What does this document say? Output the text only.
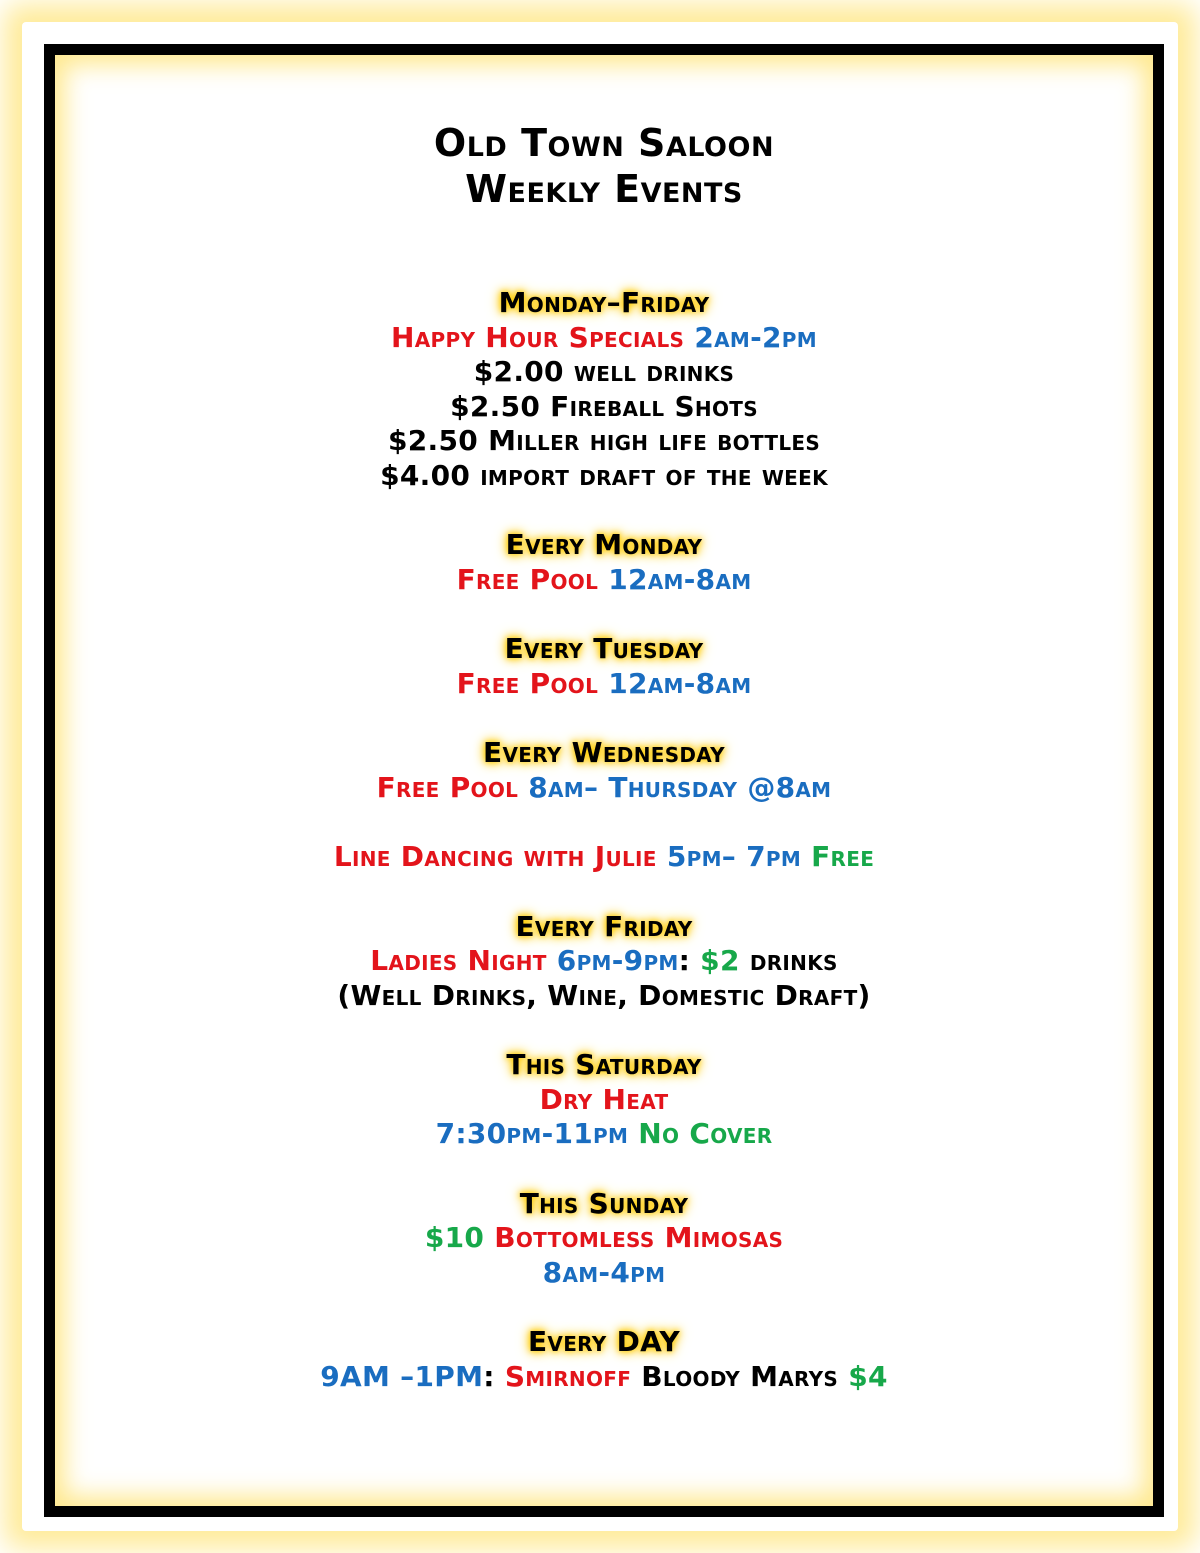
Old Town Saloon
Weekly Events
Monday–Friday
Happy Hour Specials 2am-2pm
$2.00 well drinks
$2.50 Fireball Shots
$2.50 Miller high life bottles
$4.00 import draft of the week
Every Monday
Free Pool 12am-8am
Every Tuesday
Free Pool 12am-8am
Every Wednesday
Free Pool 8am– Thursday @8am
Line Dancing with Julie 5pm– 7pm Free
Every Friday
Ladies Night 6pm-9pm: $2 drinks
(Well Drinks, Wine, Domestic Draft)
This Saturday
Dry Heat
7:30pm-11pm No Cover
This Sunday
$10 Bottomless Mimosas
8am-4pm
Every DAY
9AM –1PM: Smirnoff Bloody Marys $4
